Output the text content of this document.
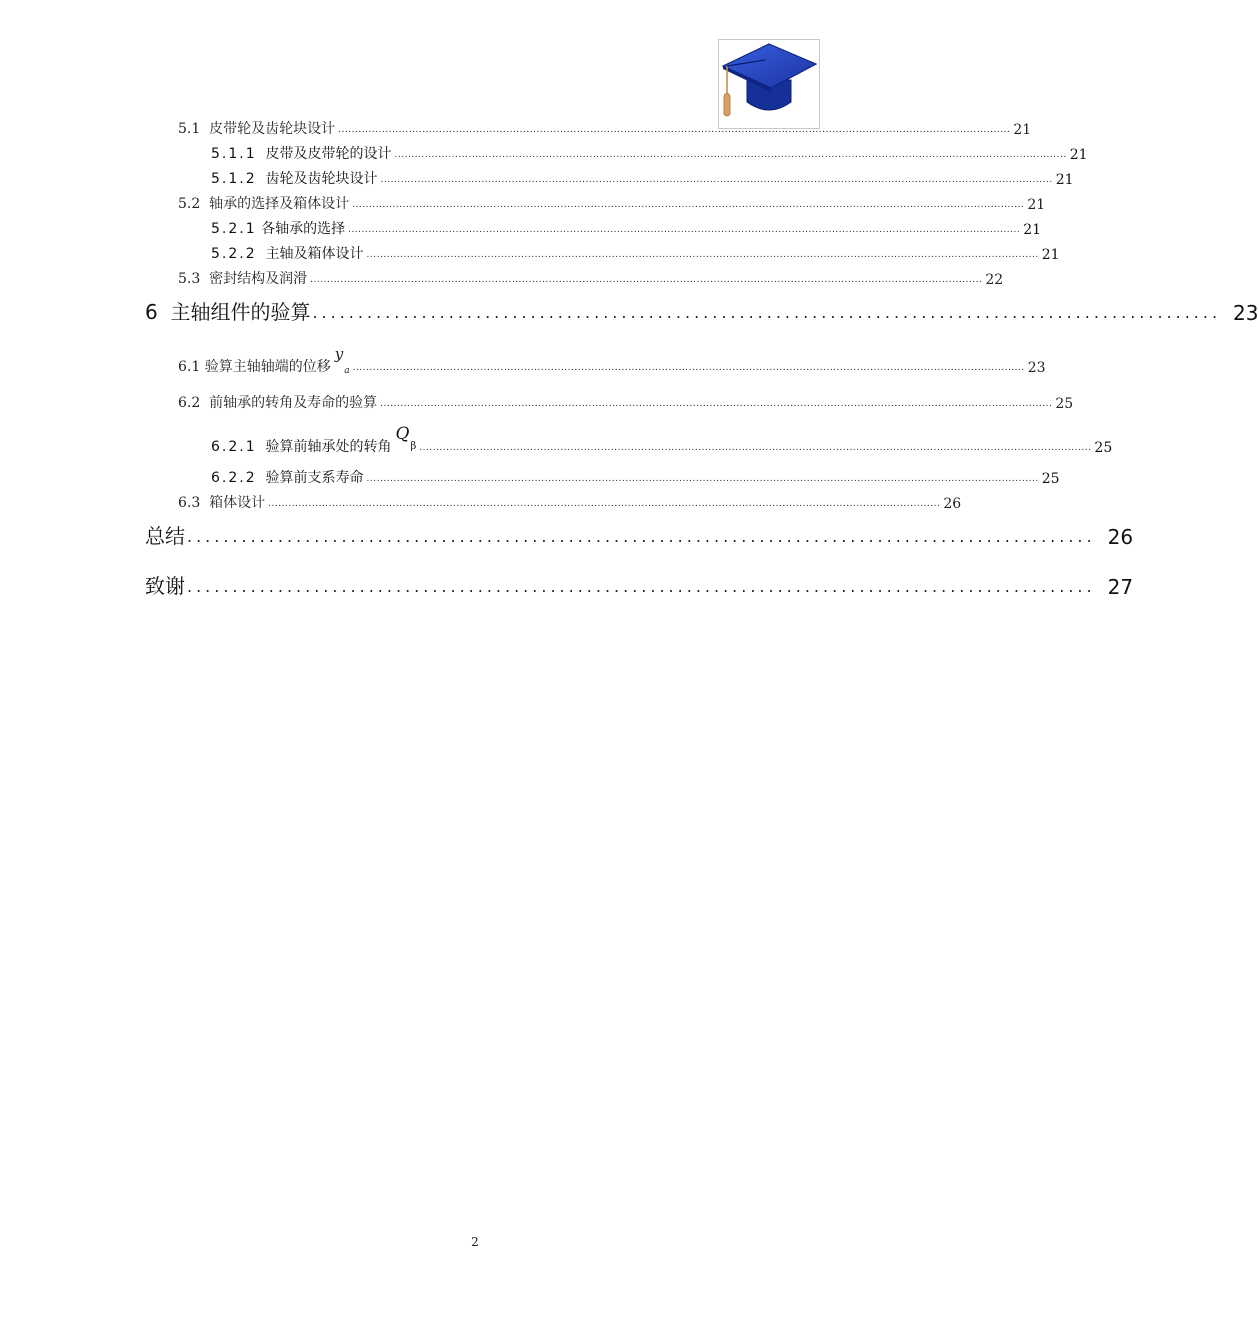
5.1 皮带轮及齿轮块设计 ........................................................................................................................................................................................................ 21
5.1.1 皮带及皮带轮的设计 ........................................................................................................................................................................................................ 21
5.1.2 齿轮及齿轮块设计 ........................................................................................................................................................................................................ 21
5.2 轴承的选择及箱体设计 ........................................................................................................................................................................................................ 21
5.2.1 各轴承的选择 ........................................................................................................................................................................................................ 21
5.2.2 主轴及箱体设计 ........................................................................................................................................................................................................ 21
5.3 密封结构及润滑 ........................................................................................................................................................................................................ 22
6 主轴组件的验算 .................................................................................................... 23
6.1 验算主轴轴端的位移ya ........................................................................................................................................................................................................ 23
6.2 前轴承的转角及寿命的验算 ........................................................................................................................................................................................................ 25
6.2.1 验算前轴承处的转角Qβ ........................................................................................................................................................................................................ 25
6.2.2 验算前支系寿命 ........................................................................................................................................................................................................ 25
6.3 箱体设计 ........................................................................................................................................................................................................ 26
总结 .................................................................................................... 26
致谢 .................................................................................................... 27
2
